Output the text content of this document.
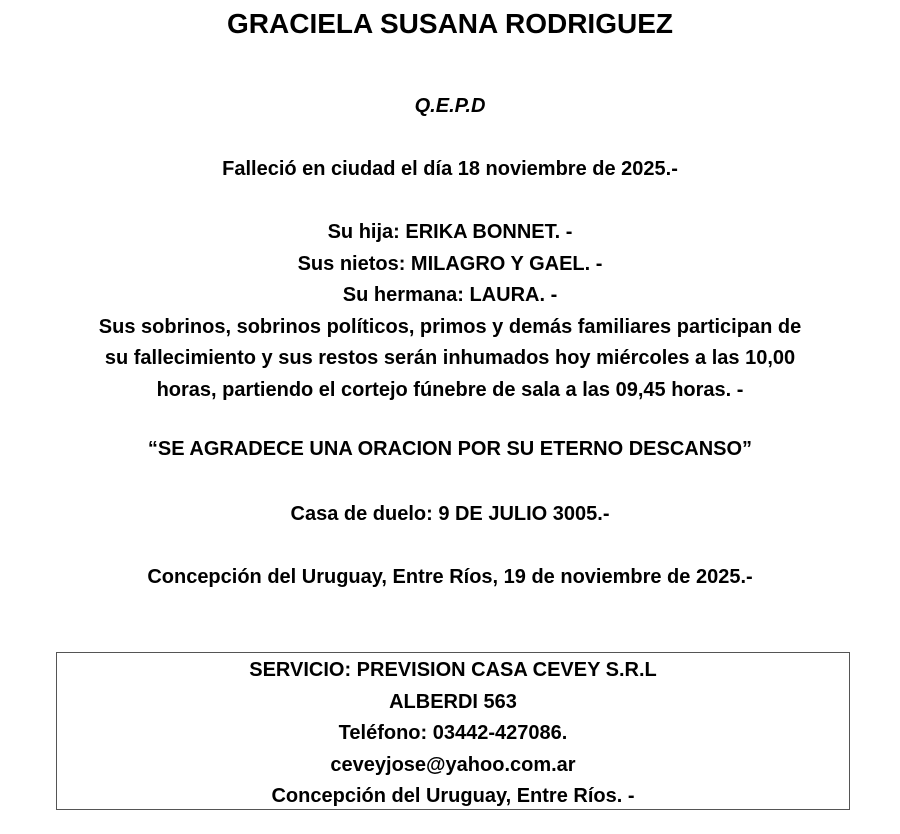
GRACIELA SUSANA RODRIGUEZ
Q.E.P.D
Falleció en ciudad el día 18 noviembre de 2025.-
Su hija: ERIKA BONNET. -
Sus nietos: MILAGRO Y GAEL. -
Su hermana: LAURA. -
Sus sobrinos, sobrinos políticos, primos y demás familiares participan de
su fallecimiento y sus restos serán inhumados hoy miércoles a las 10,00
horas, partiendo el cortejo fúnebre de sala a las 09,45 horas. -
“SE AGRADECE UNA ORACION POR SU ETERNO DESCANSO”
Casa de duelo: 9 DE JULIO 3005.-
Concepción del Uruguay, Entre Ríos, 19 de noviembre de 2025.-
SERVICIO: PREVISION CASA CEVEY S.R.L
ALBERDI 563
Teléfono: 03442-427086.
ceveyjose@yahoo.com.ar
Concepción del Uruguay, Entre Ríos. -
